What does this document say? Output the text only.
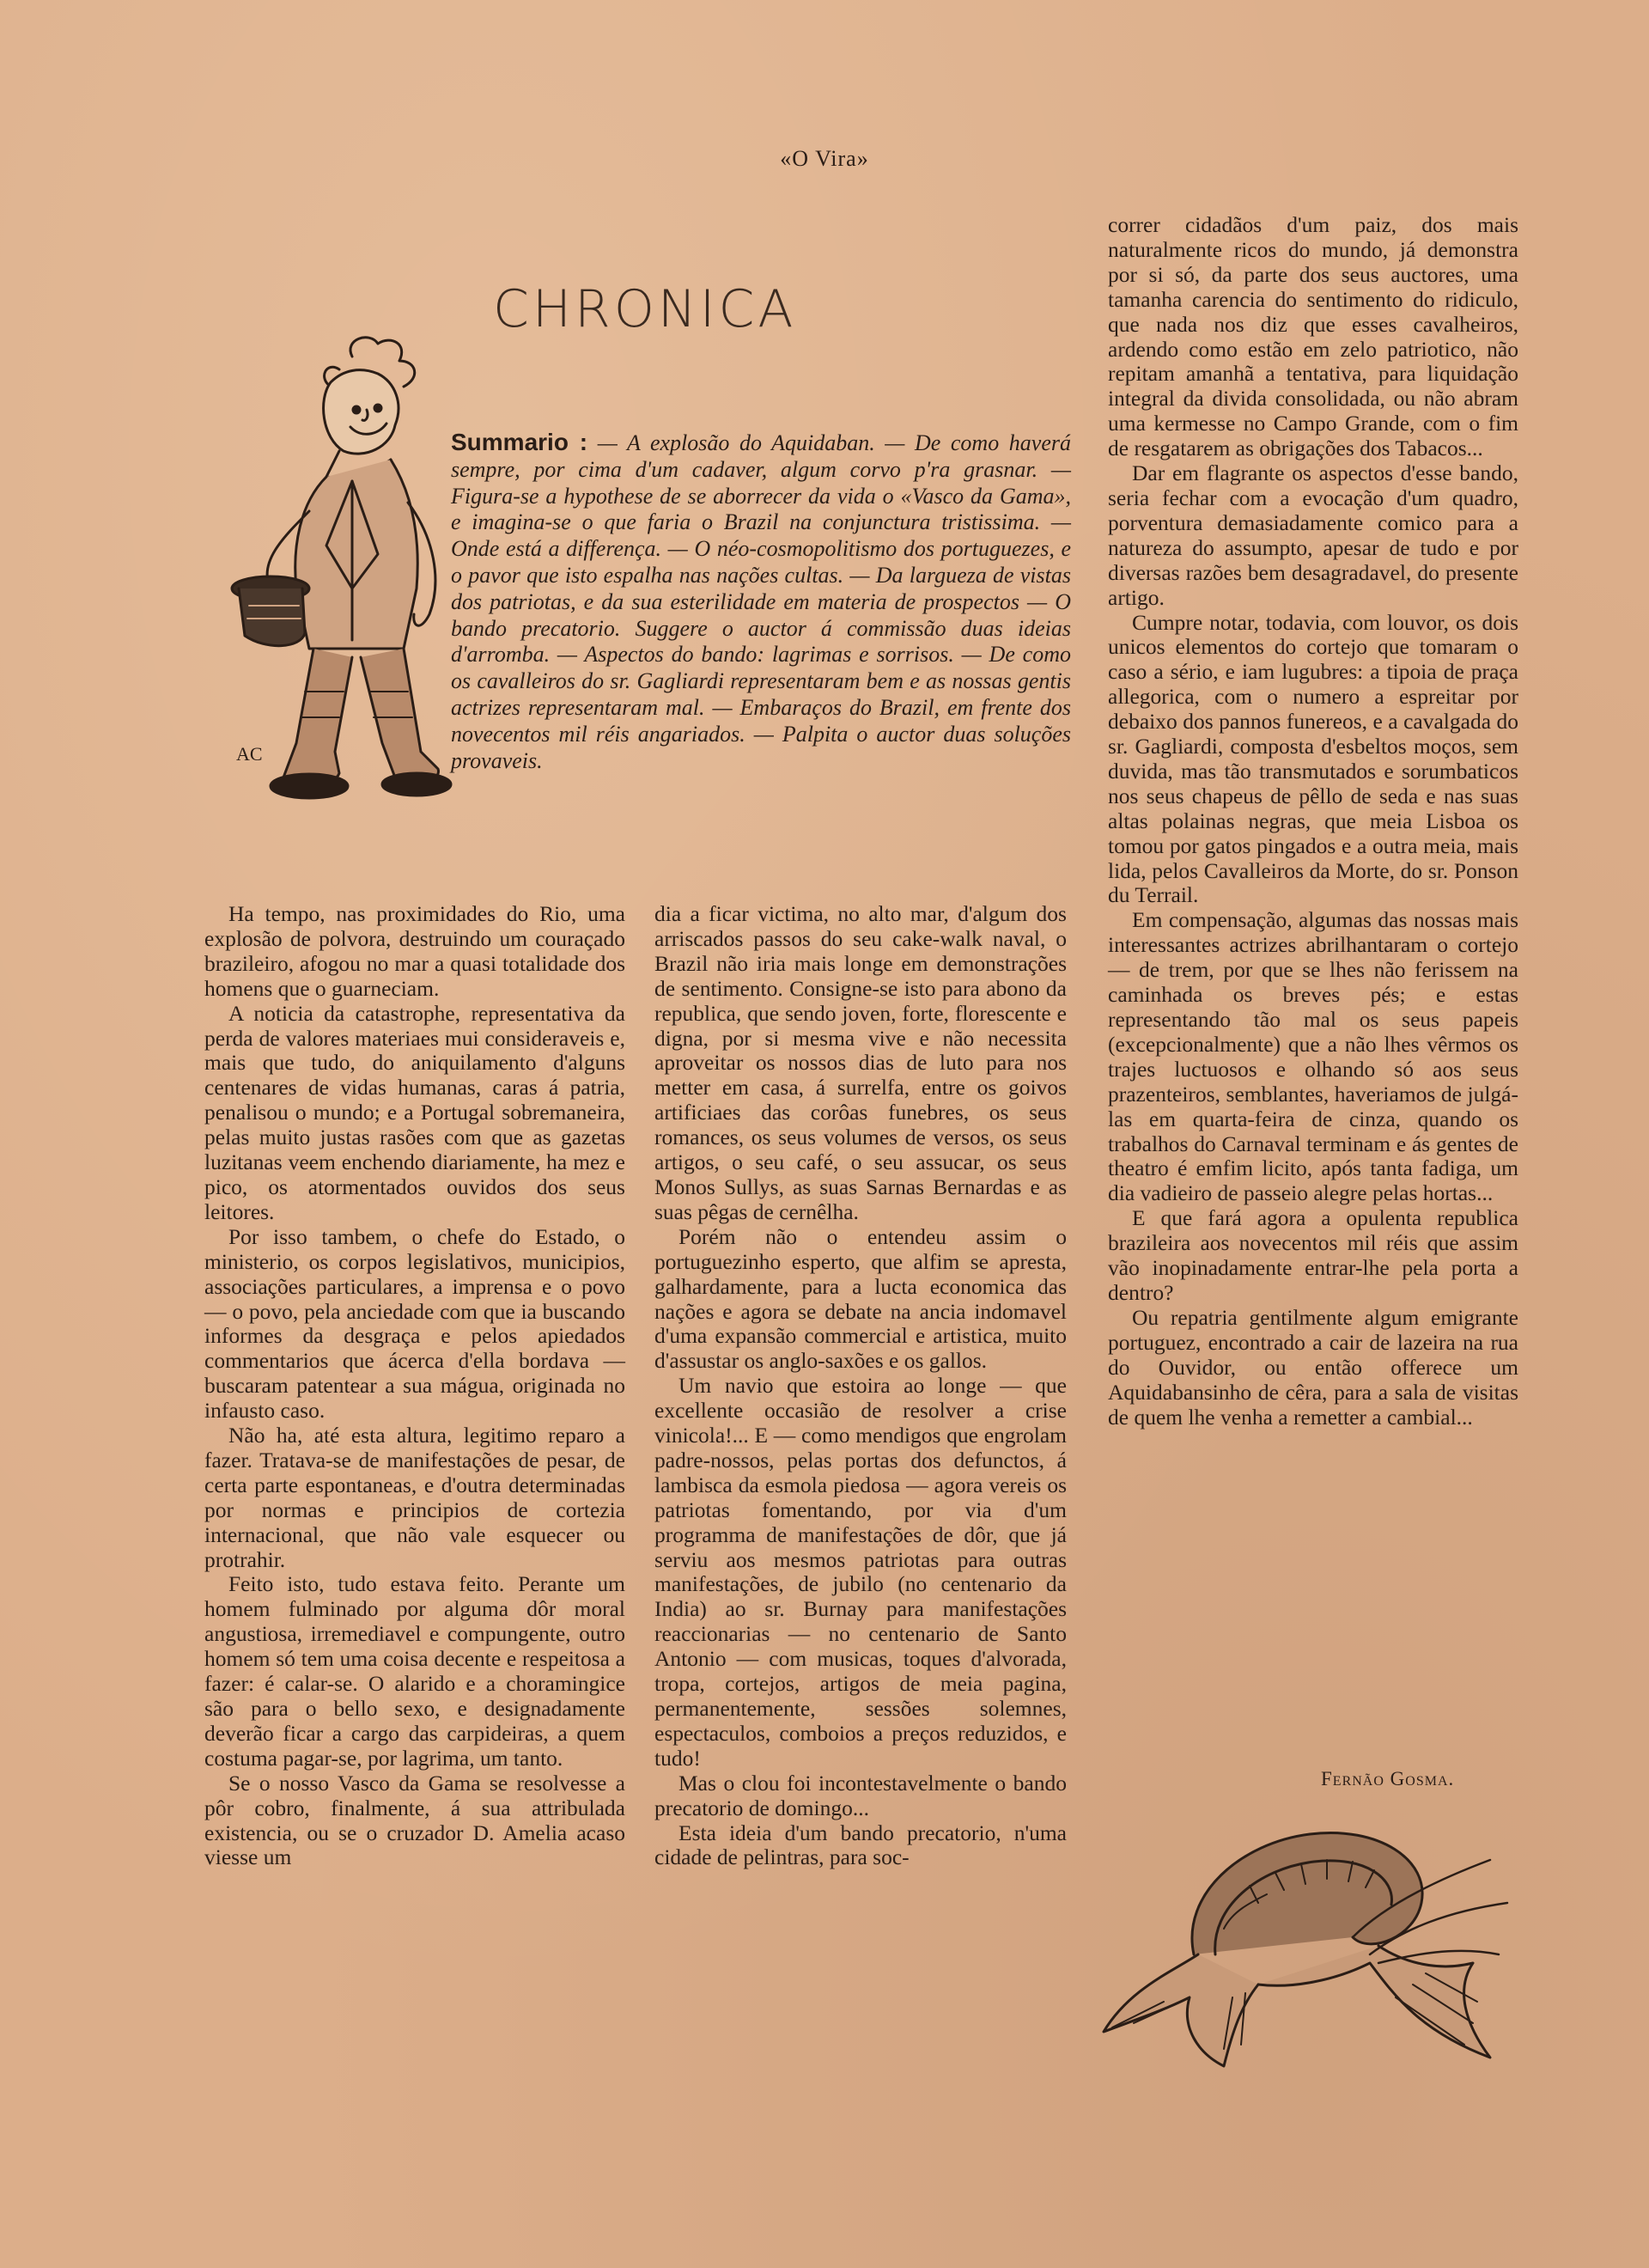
«O Vira»
CHRONICA
AC
Summario : — A explosão do Aquidaban. — De como haverá sempre, por cima d'um cadaver, algum corvo p'ra grasnar. — Figura-se a hypothese de se aborrecer da vida o «Vasco da Gama», e imagina-se o que faria o Brazil na conjunctura tristissima. — Onde está a differença. — O néo-cosmopolitismo dos portuguezes, e o pavor que isto espalha nas nações cultas. — Da largueza de vistas dos patriotas, e da sua esterilidade em materia de prospectos — O bando precatorio. Suggere o auctor á commissão duas ideias d'arromba. — Aspectos do bando: lagrimas e sorrisos. — De como os cavalleiros do sr. Gagliardi representaram bem e as nossas gentis actrizes representaram mal. — Embaraços do Brazil, em frente dos novecentos mil réis angariados. — Palpita o auctor duas soluções provaveis.

Ha tempo, nas proximidades do Rio, uma explosão de polvora, destruindo um couraçado brazileiro, afogou no mar a quasi totalidade dos homens que o guarneciam.

A noticia da catastrophe, representativa da perda de valores materiaes mui consideraveis e, mais que tudo, do aniquilamento d'alguns centenares de vidas humanas, caras á patria, penalisou o mundo; e a Portugal sobremaneira, pelas muito justas rasões com que as gazetas luzitanas veem enchendo diariamente, ha mez e pico, os atormentados ouvidos dos seus leitores.

Por isso tambem, o chefe do Estado, o ministerio, os corpos legislativos, municipios, associações particulares, a imprensa e o povo — o povo, pela anciedade com que ia buscando informes da desgraça e pelos apiedados commentarios que ácerca d'ella bordava — buscaram patentear a sua mágua, originada no infausto caso.

Não ha, até esta altura, legitimo reparo a fazer. Tratava-se de manifestações de pesar, de certa parte espontaneas, e d'outra determinadas por normas e principios de cortezia internacional, que não vale esquecer ou protrahir.

Feito isto, tudo estava feito. Perante um homem fulminado por alguma dôr moral angustiosa, irremediavel e compungente, outro homem só tem uma coisa decente e respeitosa a fazer: é calar-se. O alarido e a choramingice são para o bello sexo, e designadamente deverão ficar a cargo das carpideiras, a quem costuma pagar-se, por lagrima, um tanto.

Se o nosso Vasco da Gama se resolvesse a pôr cobro, finalmente, á sua attribulada existencia, ou se o cruzador D. Amelia acaso viesse um

dia a ficar victima, no alto mar, d'algum dos arriscados passos do seu cake-walk naval, o Brazil não iria mais longe em demonstrações de sentimento. Consigne-se isto para abono da republica, que sendo joven, forte, florescente e digna, por si mesma vive e não necessita aproveitar os nossos dias de luto para nos metter em casa, á surrelfa, entre os goivos artificiaes das corôas funebres, os seus romances, os seus volumes de versos, os seus artigos, o seu café, o seu assucar, os seus Monos Sullys, as suas Sarnas Bernardas e as suas pêgas de cernêlha.

Porém não o entendeu assim o portuguezinho esperto, que alfim se apresta, galhardamente, para a lucta economica das nações e agora se debate na ancia indomavel d'uma expansão commercial e artistica, muito d'assustar os anglo-saxões e os gallos.

Um navio que estoira ao longe — que excellente occasião de resolver a crise vinicola!... E — como mendigos que engrolam padre-nossos, pelas portas dos defunctos, á lambisca da esmola piedosa — agora vereis os patriotas fomentando, por via d'um programma de manifestações de dôr, que já serviu aos mesmos patriotas para outras manifestações, de jubilo (no centenario da India) ao sr. Burnay para manifestações reaccionarias — no centenario de Santo Antonio — com musicas, toques d'alvorada, tropa, cortejos, artigos de meia pagina, permanentemente, sessões solemnes, espectaculos, comboios a preços reduzidos, e tudo!

Mas o clou foi incontestavelmente o bando precatorio de domingo...

Esta ideia d'um bando precatorio, n'uma cidade de pelintras, para soc-

correr cidadãos d'um paiz, dos mais naturalmente ricos do mundo, já demonstra por si só, da parte dos seus auctores, uma tamanha carencia do sentimento do ridiculo, que nada nos diz que esses cavalheiros, ardendo como estão em zelo patriotico, não repitam amanhã a tentativa, para liquidação integral da divida consolidada, ou não abram uma kermesse no Campo Grande, com o fim de resgatarem as obrigações dos Tabacos...

Dar em flagrante os aspectos d'esse bando, seria fechar com a evocação d'um quadro, porventura demasiadamente comico para a natureza do assumpto, apesar de tudo e por diversas razões bem desagradavel, do presente artigo.

Cumpre notar, todavia, com louvor, os dois unicos elementos do cortejo que tomaram o caso a sério, e iam lugubres: a tipoia de praça allegorica, com o numero a espreitar por debaixo dos pannos funereos, e a cavalgada do sr. Gagliardi, composta d'esbeltos moços, sem duvida, mas tão transmutados e sorumbaticos nos seus chapeus de pêllo de seda e nas suas altas polainas negras, que meia Lisboa os tomou por gatos pingados e a outra meia, mais lida, pelos Cavalleiros da Morte, do sr. Ponson du Terrail.

Em compensação, algumas das nossas mais interessantes actrizes abrilhantaram o cortejo — de trem, por que se lhes não ferissem na caminhada os breves pés; e estas representando tão mal os seus papeis (excepcionalmente) que a não lhes vêrmos os trajes luctuosos e olhando só aos seus prazenteiros, semblantes, haveriamos de julgá-las em quarta-feira de cinza, quando os trabalhos do Carnaval terminam e ás gentes de theatro é emfim licito, após tanta fadiga, um dia vadieiro de passeio alegre pelas hortas...

E que fará agora a opulenta republica brazileira aos novecentos mil réis que assim vão inopinadamente entrar-lhe pela porta a dentro?

Ou repatria gentilmente algum emigrante portuguez, encontrado a cair de lazeira na rua do Ouvidor, ou então offerece um Aquidabansinho de cêra, para a sala de visitas de quem lhe venha a remetter a cambial...

Fernão Gosma.
